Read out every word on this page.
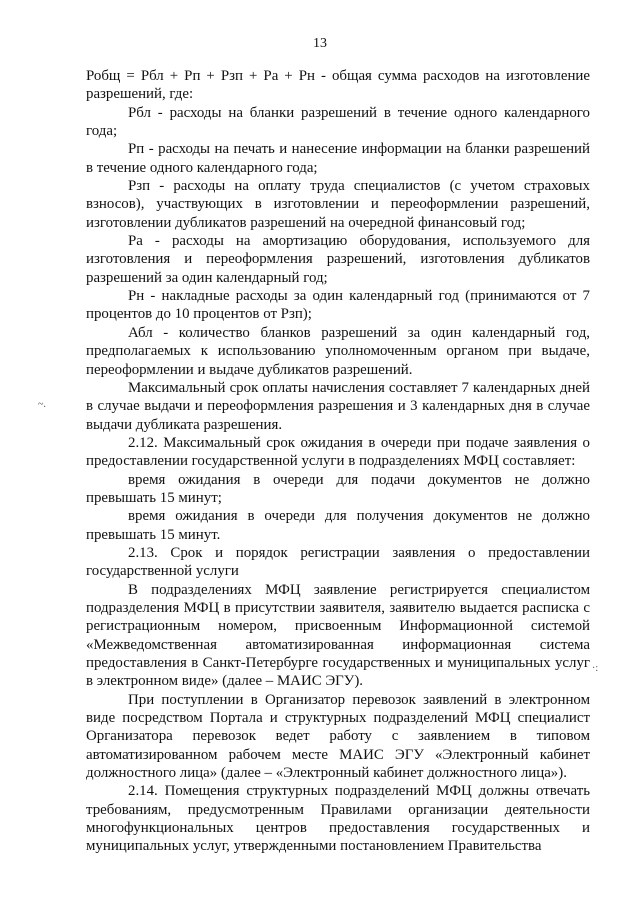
13

Робщ = Рбл + Рп + Рзп + Ра + Рн - общая сумма расходов на изготовление разрешений, где:

Рбл - расходы на бланки разрешений в течение одного календарного года;

Рп - расходы на печать и нанесение информации на бланки разрешений в течение одного календарного года;

Рзп - расходы на оплату труда специалистов (с учетом страховых взносов), участвующих в изготовлении и переоформлении разрешений, изготовлении дубликатов разрешений на очередной финансовый год;

Ра - расходы на амортизацию оборудования, используемого для изготовления и переоформления разрешений, изготовления дубликатов разрешений за один календарный год;

Рн - накладные расходы за один календарный год (принимаются от 7 процентов до 10 процентов от Рзп);

Абл - количество бланков разрешений за один календарный год, предполагаемых к использованию уполномоченным органом при выдаче, переоформлении и выдаче дубликатов разрешений.

Максимальный срок оплаты начисления составляет 7 календарных дней в случае выдачи и переоформления разрешения и 3 календарных дня в случае выдачи дубликата разрешения.

2.12. Максимальный срок ожидания в очереди при подаче заявления о предоставлении государственной услуги в подразделениях МФЦ составляет:

время ожидания в очереди для подачи документов не должно превышать 15 минут;

время ожидания в очереди для получения документов не должно превышать 15 минут.

2.13. Срок и порядок регистрации заявления о предоставлении государственной услуги

В подразделениях МФЦ заявление регистрируется специалистом подразделения МФЦ в присутствии заявителя, заявителю выдается расписка с регистрационным номером, присвоенным Информационной системой «Межведомственная автоматизированная информационная система предоставления в Санкт-Петербурге государственных и муниципальных услуг в электронном виде» (далее – МАИС ЭГУ).

При поступлении в Организатор перевозок заявлений в электронном виде посредством Портала и структурных подразделений МФЦ специалист Организатора перевозок ведет работу с заявлением в типовом автоматизированном рабочем месте МАИС ЭГУ «Электронный кабинет должностного лица» (далее – «Электронный кабинет должностного лица»).

2.14. Помещения структурных подразделений МФЦ должны отвечать требованиям, предусмотренным Правилами организации деятельности многофункциональных центров предоставления государственных и муниципальных услуг, утвержденными постановлением Правительства

~.
·:
